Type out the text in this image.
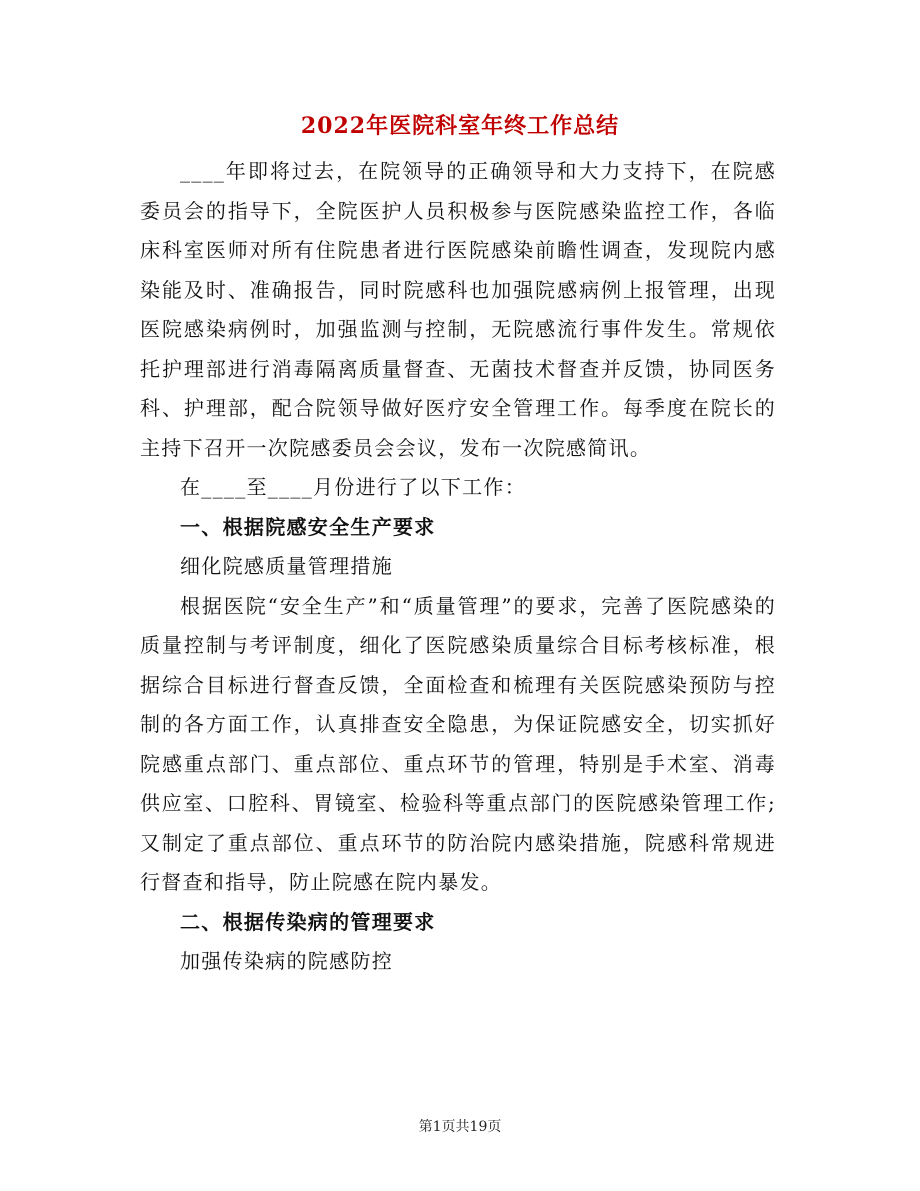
2022年医院科室年终工作总结

____年即将过去，在院领导的正确领导和大力支持下，在院感委员会的指导下，全院医护人员积极参与医院感染监控工作，各临床科室医师对所有住院患者进行医院感染前瞻性调查，发现院内感染能及时、准确报告，同时院感科也加强院感病例上报管理，出现医院感染病例时，加强监测与控制，无院感流行事件发生。常规依托护理部进行消毒隔离质量督查、无菌技术督查并反馈，协同医务科、护理部，配合院领导做好医疗安全管理工作。每季度在院长的主持下召开一次院感委员会会议，发布一次院感简讯。

在____至____月份进行了以下工作：

一、根据院感安全生产要求

细化院感质量管理措施

根据医院“安全生产”和“质量管理”的要求，完善了医院感染的质量控制与考评制度，细化了医院感染质量综合目标考核标准，根据综合目标进行督查反馈，全面检查和梳理有关医院感染预防与控制的各方面工作，认真排查安全隐患，为保证院感安全，切实抓好院感重点部门、重点部位、重点环节的管理，特别是手术室、消毒供应室、口腔科、胃镜室、检验科等重点部门的医院感染管理工作;又制定了重点部位、重点环节的防治院内感染措施，院感科常规进行督查和指导，防止院感在院内暴发。

二、根据传染病的管理要求

加强传染病的院感防控

第1页共19页
